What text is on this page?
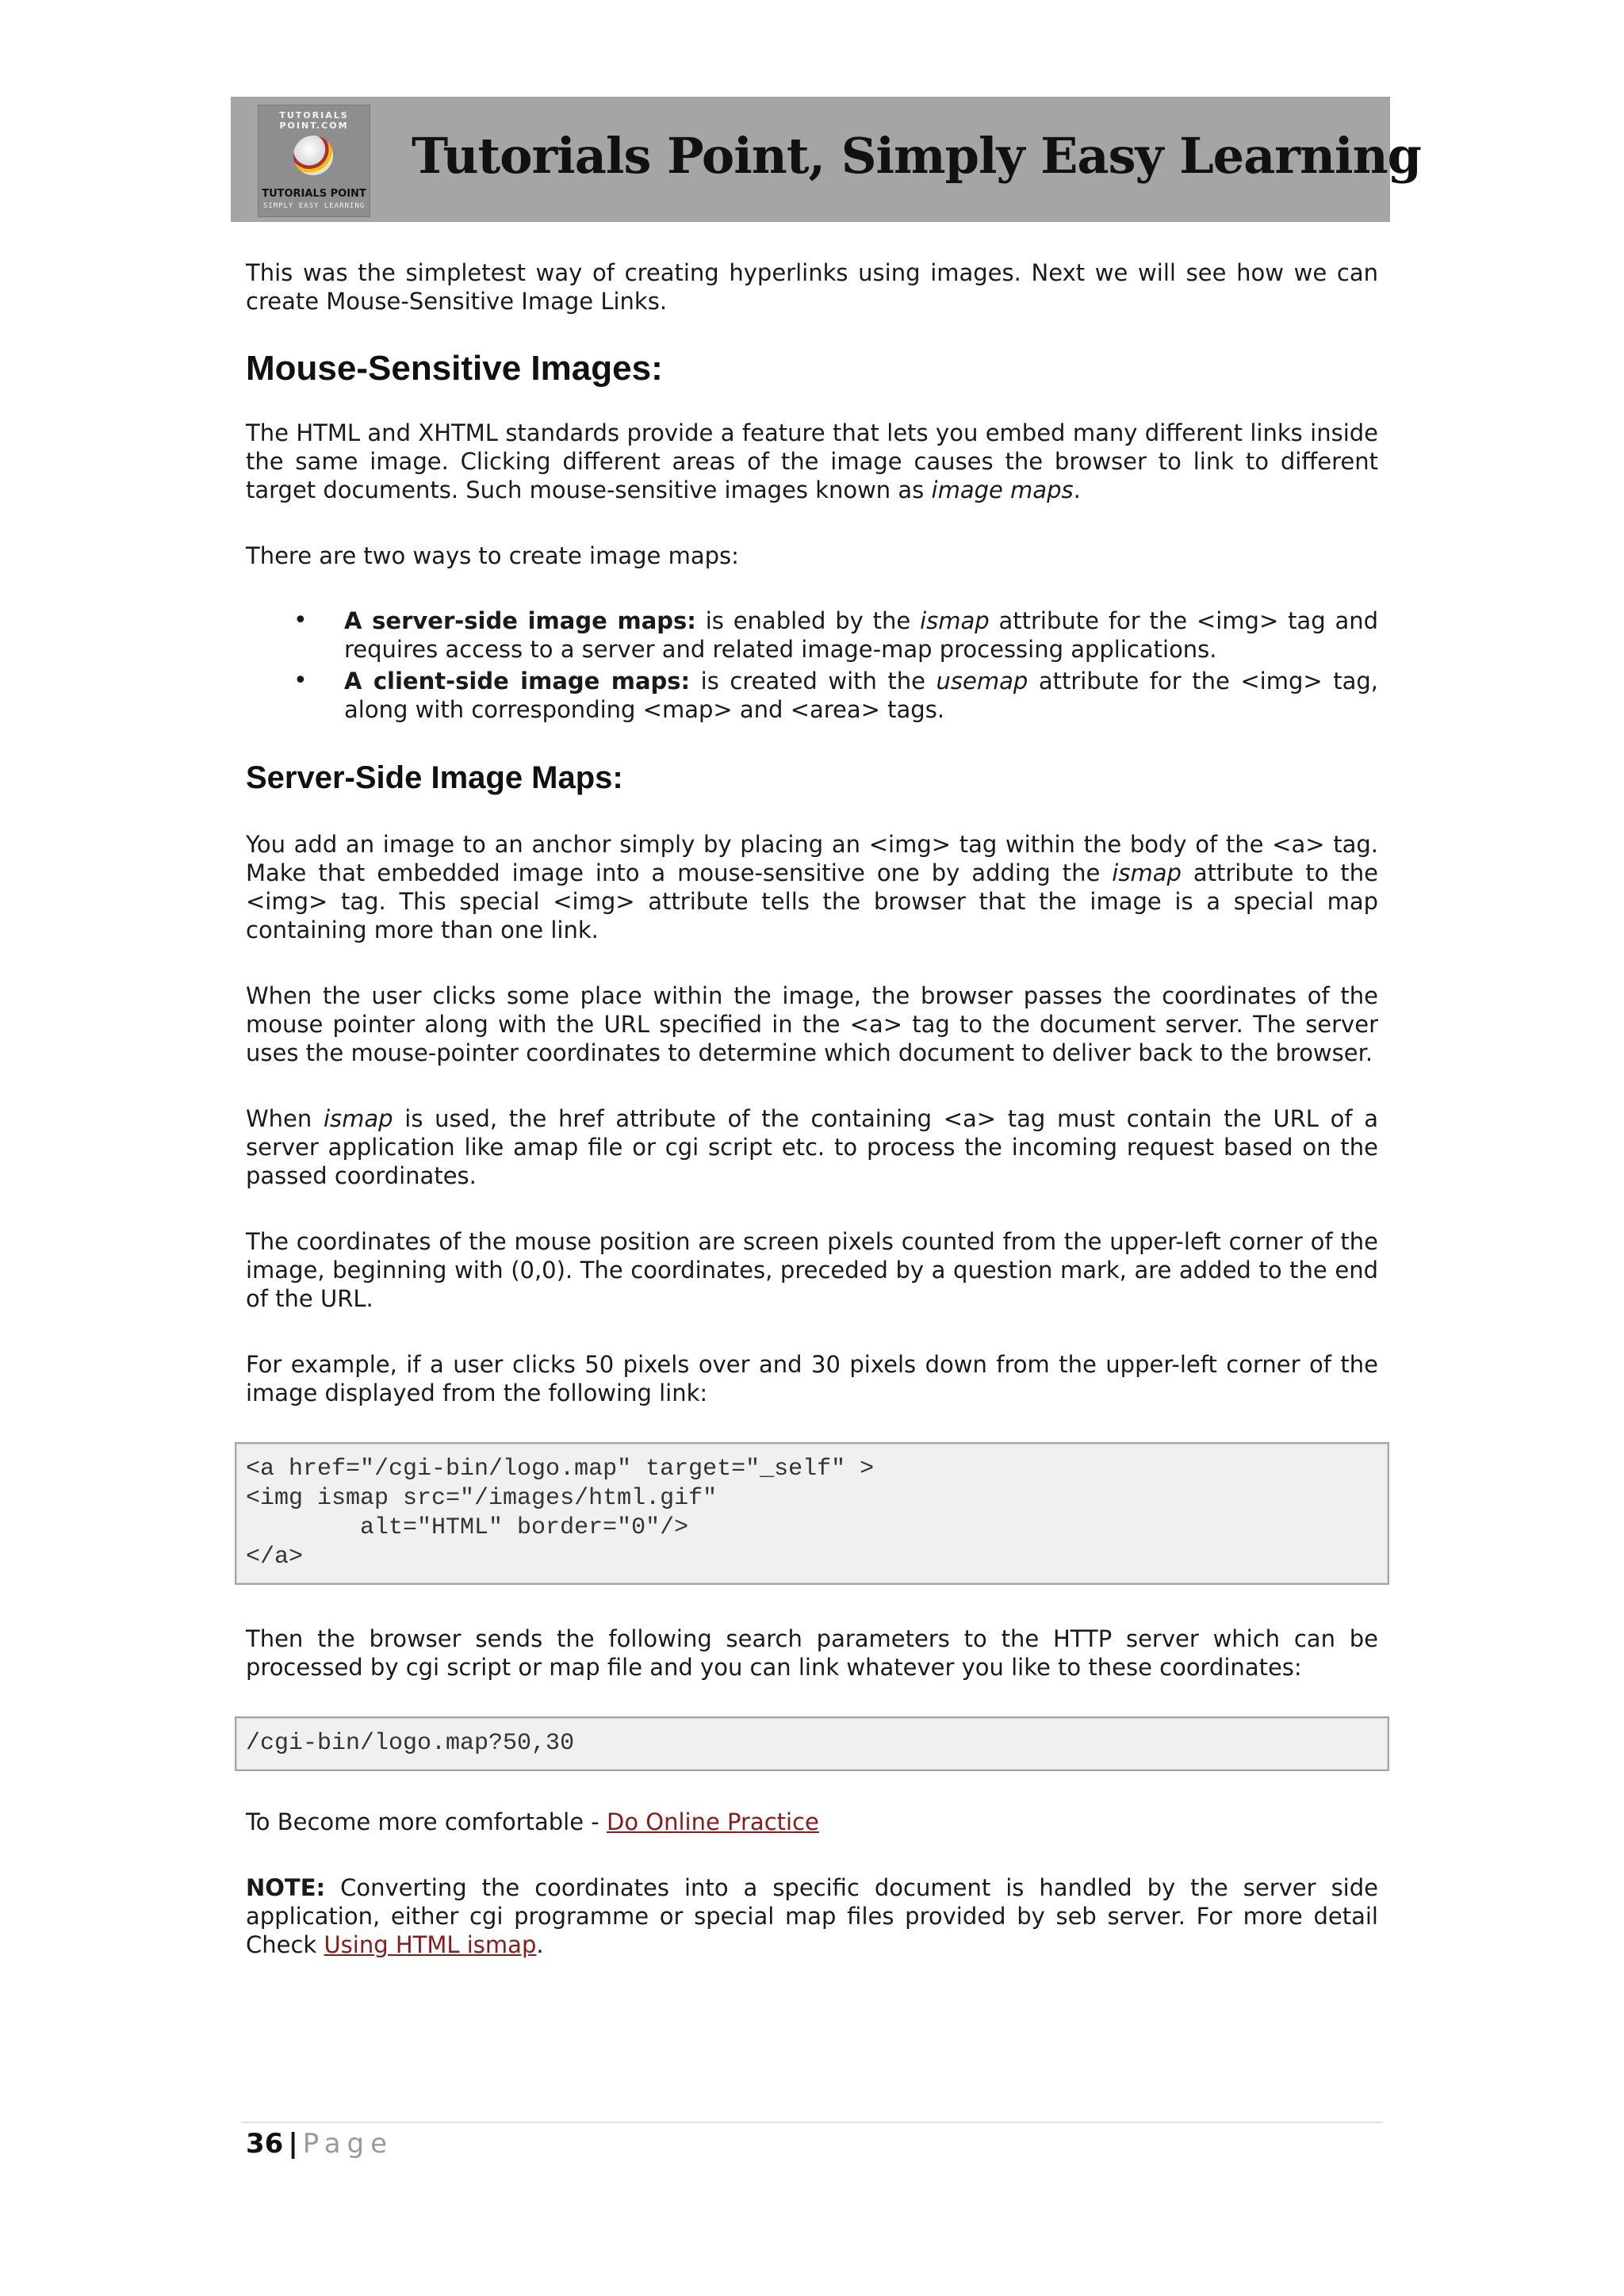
TUTORIALS POINT.COM
TUTORIALS POINT
SIMPLY EASY LEARNING
Tutorials Point, Simply Easy Learning

This was the simpletest way of creating hyperlinks using images. Next we will see how we can create Mouse-Sensitive Image Links.

Mouse-Sensitive Images:

The HTML and XHTML standards provide a feature that lets you embed many different links inside the same image. Clicking different areas of the image causes the browser to link to different target documents. Such mouse-sensitive images known as image maps.

There are two ways to create image maps:

• A server-side image maps: is enabled by the ismap attribute for the <img> tag and requires access to a server and related image-map processing applications.
• A client-side image maps: is created with the usemap attribute for the <img> tag, along with corresponding <map> and <area> tags.
Server-Side Image Maps:

You add an image to an anchor simply by placing an <img> tag within the body of the <a> tag. Make that embedded image into a mouse-sensitive one by adding the ismap attribute to the <img> tag. This special <img> attribute tells the browser that the image is a special map containing more than one link.

When the user clicks some place within the image, the browser passes the coordinates of the mouse pointer along with the URL specified in the <a> tag to the document server. The server uses the mouse-pointer coordinates to determine which document to deliver back to the browser.

When ismap is used, the href attribute of the containing <a> tag must contain the URL of a server application like amap file or cgi script etc. to process the incoming request based on the passed coordinates.

The coordinates of the mouse position are screen pixels counted from the upper-left corner of the image, beginning with (0,0). The coordinates, preceded by a question mark, are added to the end of the URL.

For example, if a user clicks 50 pixels over and 30 pixels down from the upper-left corner of the image displayed from the following link:

<a href="/cgi-bin/logo.map" target="_self" >
<img ismap src="/images/html.gif"
alt="HTML" border="0"/>
</a>

Then the browser sends the following search parameters to the HTTP server which can be processed by cgi script or map file and you can link whatever you like to these coordinates:

/cgi-bin/logo.map?50,30

To Become more comfortable - Do Online Practice

NOTE: Converting the coordinates into a specific document is handled by the server side application, either cgi programme or special map files provided by seb server. For more detail Check Using HTML ismap.

36 | Page
